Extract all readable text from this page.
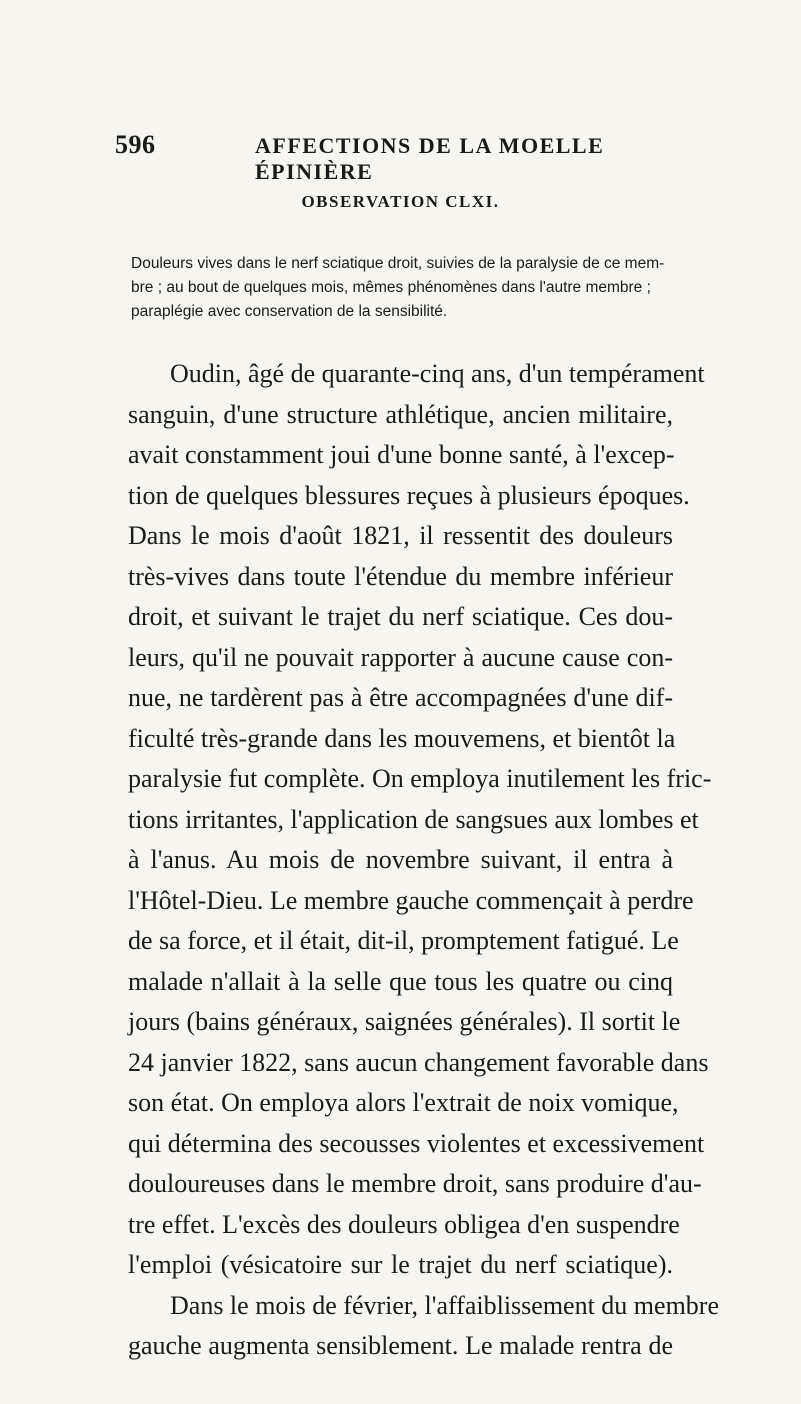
596	AFFECTIONS DE LA MOELLE ÉPINIÈRE
OBSERVATION CLXI.
Douleurs vives dans le nerf sciatique droit, suivies de la paralysie de ce mem-
bre ; au bout de quelques mois, mêmes phénomènes dans l'autre membre ;
paraplégie avec conservation de la sensibilité.
Oudin, âgé de quarante-cinq ans, d'un tempérament
sanguin, d'une structure athlétique, ancien militaire,
avait constamment joui d'une bonne santé, à l'excep-
tion de quelques blessures reçues à plusieurs époques.
Dans le mois d'août 1821, il ressentit des douleurs
très-vives dans toute l'étendue du membre inférieur
droit, et suivant le trajet du nerf sciatique. Ces dou-
leurs, qu'il ne pouvait rapporter à aucune cause con-
nue, ne tardèrent pas à être accompagnées d'une dif-
ficulté très-grande dans les mouvemens, et bientôt la
paralysie fut complète. On employa inutilement les fric-
tions irritantes, l'application de sangsues aux lombes et
à l'anus. Au mois de novembre suivant, il entra à
l'Hôtel-Dieu. Le membre gauche commençait à perdre
de sa force, et il était, dit-il, promptement fatigué. Le
malade n'allait à la selle que tous les quatre ou cinq
jours (bains généraux, saignées générales). Il sortit le
24 janvier 1822, sans aucun changement favorable dans
son état. On employa alors l'extrait de noix vomique,
qui détermina des secousses violentes et excessivement
douloureuses dans le membre droit, sans produire d'au-
tre effet. L'excès des douleurs obligea d'en suspendre
l'emploi (vésicatoire sur le trajet du nerf sciatique).
Dans le mois de février, l'affaiblissement du membre
gauche augmenta sensiblement. Le malade rentra de
